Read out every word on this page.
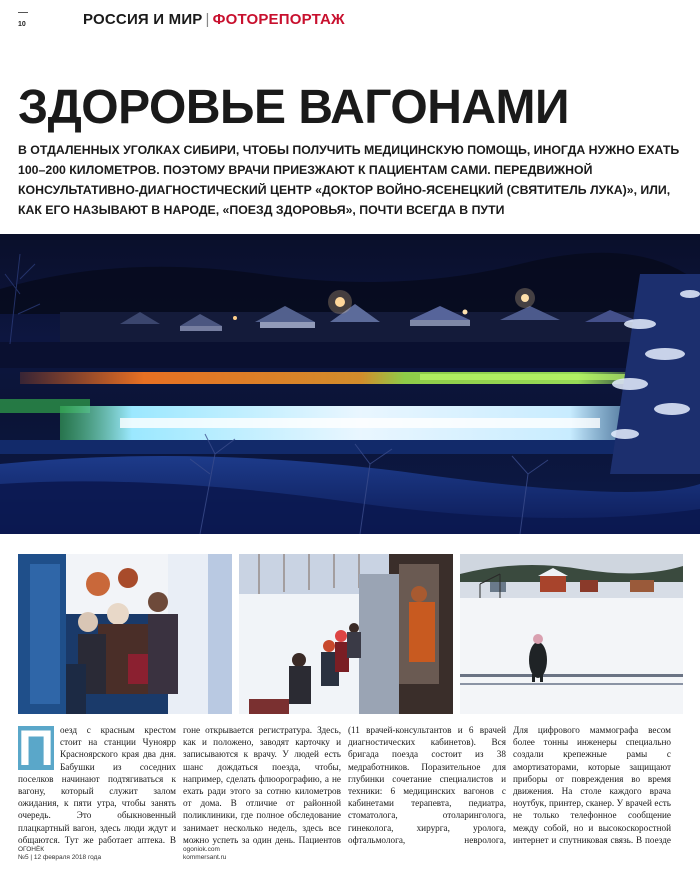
10	РОССИЯ И МИР | ФОТОРЕПОРТАЖ
ЗДОРОВЬЕ ВАГОНАМИ

В ОТДАЛЕННЫХ УГОЛКАХ СИБИРИ, ЧТОБЫ ПОЛУЧИТЬ МЕДИЦИНСКУЮ ПОМОЩЬ, ИНОГДА НУЖНО ЕХАТЬ 100–200 КИЛОМЕТРОВ. ПОЭТОМУ ВРАЧИ ПРИЕЗЖАЮТ К ПАЦИЕНТАМ САМИ. ПЕРЕДВИЖНОЙ КОНСУЛЬТАТИВНО-ДИАГНОСТИЧЕСКИЙ ЦЕНТР «ДОКТОР ВОЙНО-ЯСЕНЕЦКИЙ (СВЯТИТЕЛЬ ЛУКА)», ИЛИ, КАК ЕГО НАЗЫВАЮТ В НАРОДЕ, «ПОЕЗД ЗДОРОВЬЯ», ПОЧТИ ВСЕГДА В ПУТИ

П оезд с красным крестом стоит на станции Чуноярр Красноярского края два дня. Бабушки из соседних поселков начинают подтягиваться к вагону, который служит залом ожидания, к пяти утра, чтобы занять очередь. Это обыкновенный плацкартный вагон, здесь люди ждут и общаются. Тут же работает аптека. В

гоне открывается регистратура. Здесь, как и положено, заводят карточку и записываются к врачу. У людей есть шанс дождаться поезда, чтобы, например, сделать флюорографию, а не ехать ради этого за сотню километров от дома. В отличие от районной поликлиники, где полное обследование занимает несколько недель, здесь все можно успеть за один день. Пациентов

(11 врачей-консультантов и 6 врачей диагностических кабинетов). Вся бригада поезда состоит из 38 медработников. Поразительное для глубинки сочетание специалистов и техники: 6 медицинских вагонов с кабинетами терапевта, педиатра, стоматолога, отоларинголога, гинеколога, хирурга, уролога, офтальмолога, невролога,

Для цифрового маммографа весом более тонны инженеры специально создали крепежные рамы с амортизаторами, которые защищают приборы от повреждения во время движения. На столе каждого врача ноутбук, принтер, сканер. У врачей есть не только телефонное сообщение между собой, но и высокоскоростной интернет и спутниковая связь. В поезде

ОГОНЁК
№5 | 12 февраля 2018 года
ogoniok.com
kommersant.ru
